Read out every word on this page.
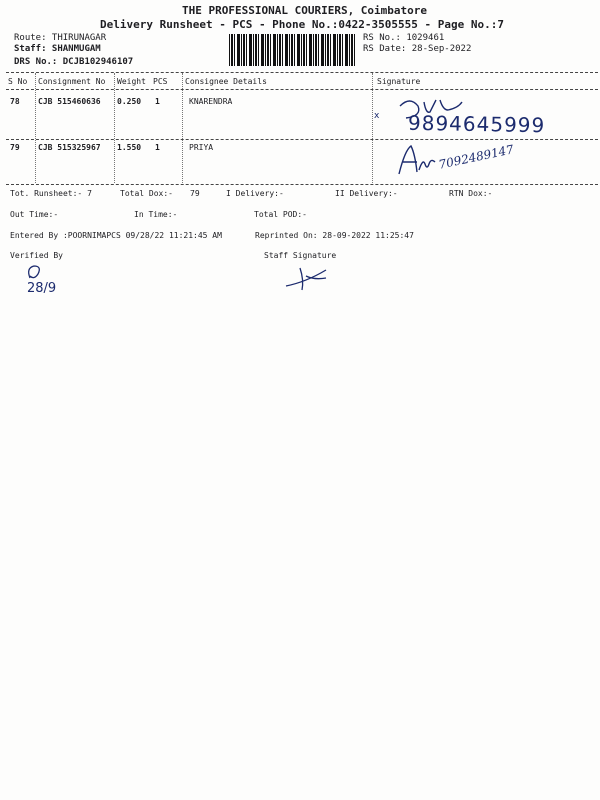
THE PROFESSIONAL COURIERS, Coimbatore
Delivery Runsheet - PCS - Phone No.:0422-3505555 - Page No.:7
Route: THIRUNAGAR
Staff: SHANMUGAM
DRS No.: DCJB102946107
RS No.: 1029461
RS Date: 28-Sep-2022
S No Consignment No Weight PCS Consignee Details	Signature
78 CJB 515460636 0.250 1	KNARENDRA
x 9894645999
79 CJB 515325967 1.550 1	PRIYA	7092489147
Tot. Runsheet:- 7	Total Dox:- 79	I Delivery:-	II Delivery:-	RTN Dox:-
Out Time:-	In Time:-	Total POD:-
Entered By :POORNIMAPCS 09/28/22 11:21:45 AM	Reprinted On: 28-09-2022 11:25:47
Verified By	Staff Signature
28/9
